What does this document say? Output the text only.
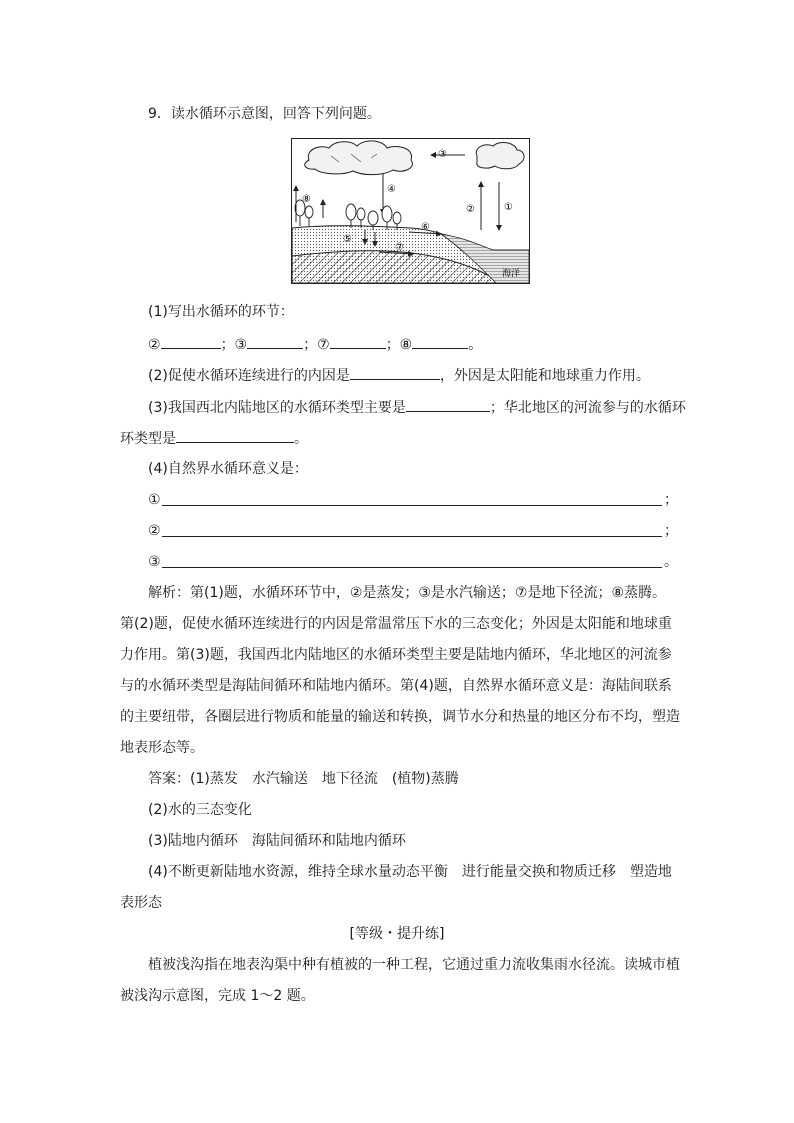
9．读水循环示意图，回答下列问题。
③
④
②	①
海洋
⑧
⑤
⑥
⑦
(1)写出水循环的环节：
②	；③	；⑦	；⑧	。
(2)促使水循环连续进行的内因是	，外因是太阳能和地球重力作用。
(3)我国西北内陆地区的水循环类型主要是	；华北地区的河流参与的水循环
环类型是	。
(4)自然界水循环意义是：
①	；
②	；
③	。
解析：第(1)题，水循环环节中，②是蒸发；③是水汽输送；⑦是地下径流；⑧蒸腾。
第(2)题，促使水循环连续进行的内因是常温常压下水的三态变化；外因是太阳能和地球重
力作用。第(3)题，我国西北内陆地区的水循环类型主要是陆地内循环，华北地区的河流参
与的水循环类型是海陆间循环和陆地内循环。第(4)题，自然界水循环意义是：海陆间联系
的主要纽带，各圈层进行物质和能量的输送和转换，调节水分和热量的地区分布不均，塑造
地表形态等。
答案：(1)蒸发　水汽输送　地下径流　(植物)蒸腾
(2)水的三态变化
(3)陆地内循环　海陆间循环和陆地内循环
(4)不断更新陆地水资源，维持全球水量动态平衡　进行能量交换和物质迁移　塑造地
表形态
[等级・提升练]
植被浅沟指在地表沟渠中种有植被的一种工程，它通过重力流收集雨水径流。读城市植
被浅沟示意图，完成 1～2 题。
